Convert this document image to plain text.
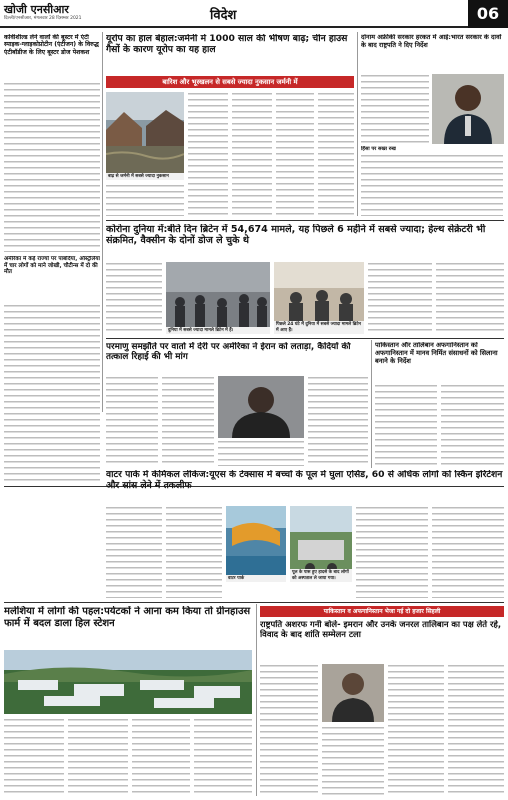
खोजी एनसीआर
दिल्ली/एनसीआर, मंगलवार 28 दिसम्बर 2021	विदेश	06
कोवीशील्ड लेने वालों की बूस्टर में एंटी स्पाइक-ग्लाइकोप्रोटीन (एंटीजन) के विरुद्ध एंटीबॉडीज के लिए बूस्टर डोज पेशकश
अमेरिका में कई राज्यों पर पाबंदियां, ऑस्ट्रेलिया में चार लोगों को माने जोखी, चौटीन्स में दो की मौत
यूरोप का हाल बेहाल:जर्मनी में 1000 साल की भीषण बाढ़; चीन हाउस गैसों के कारण यूरोप का यह हाल
बारिश और भूस्खलन से सबसे ज्यादा नुकसान जर्मनी में
बाढ़ से जर्मनी में सबसे ज्यादा नुकसान
दोनाम अफ्रीकी सरकार हरकत में आई:भारत सरकार के दावों के बाद राष्ट्रपति ने दिए निर्देश
हिंसा पर सख्त रुख
कोरोना दुनिया में:बीते दिन ब्रिटेन में 54,674 मामले, यह पिछले 6 महीने में सबसे ज्यादा; हेल्थ सेक्रेटरी भी संक्रमित, वैक्सीन के दोनों डोज ले चुके थे
दुनिया में सबसे ज्यादा मामले ब्रिटेन में हैं।
पिछले 24 घंटे में दुनिया में सबसे ज्यादा मामले ब्रिटेन में आए हैं।
परमाणु समझौते पर वार्ता में देरी पर अमेरिका ने ईरान को लताड़ा, कैदियों की तत्काल रिहाई की भी मांग
पाकिस्तान और तालिबान अफगानिस्तान को अफगानिस्तान में मानव निर्मित संसाधनों को सिलाना बनाने के निर्देश
वाटर पार्क में केमिकल लीकेज:यूएस के टेक्सास में बच्चों के पूल में घुला एसिड, 60 से अधिक लोगों को स्किन इरिटेशन और सांस लेने में तकलीफ
वाटर पार्क
पूल के पास हुए हादसे के बाद लोगों को अस्पताल ले जाया गया।
मलेशिया में लोगों की पहल:पर्यटकों ने आना कम किया तो ग्रीनहाउस फार्म में बदल डाला हिल स्टेशन
पाकिस्तान व अफगानिस्तान भेजा गई दो हजार सिहली
राष्ट्रपति अशरफ गनी बोले- इमरान और उनके जनरल तालिबान का पक्ष लेते रहे, विवाद के बाद शांति सम्मेलन टला
